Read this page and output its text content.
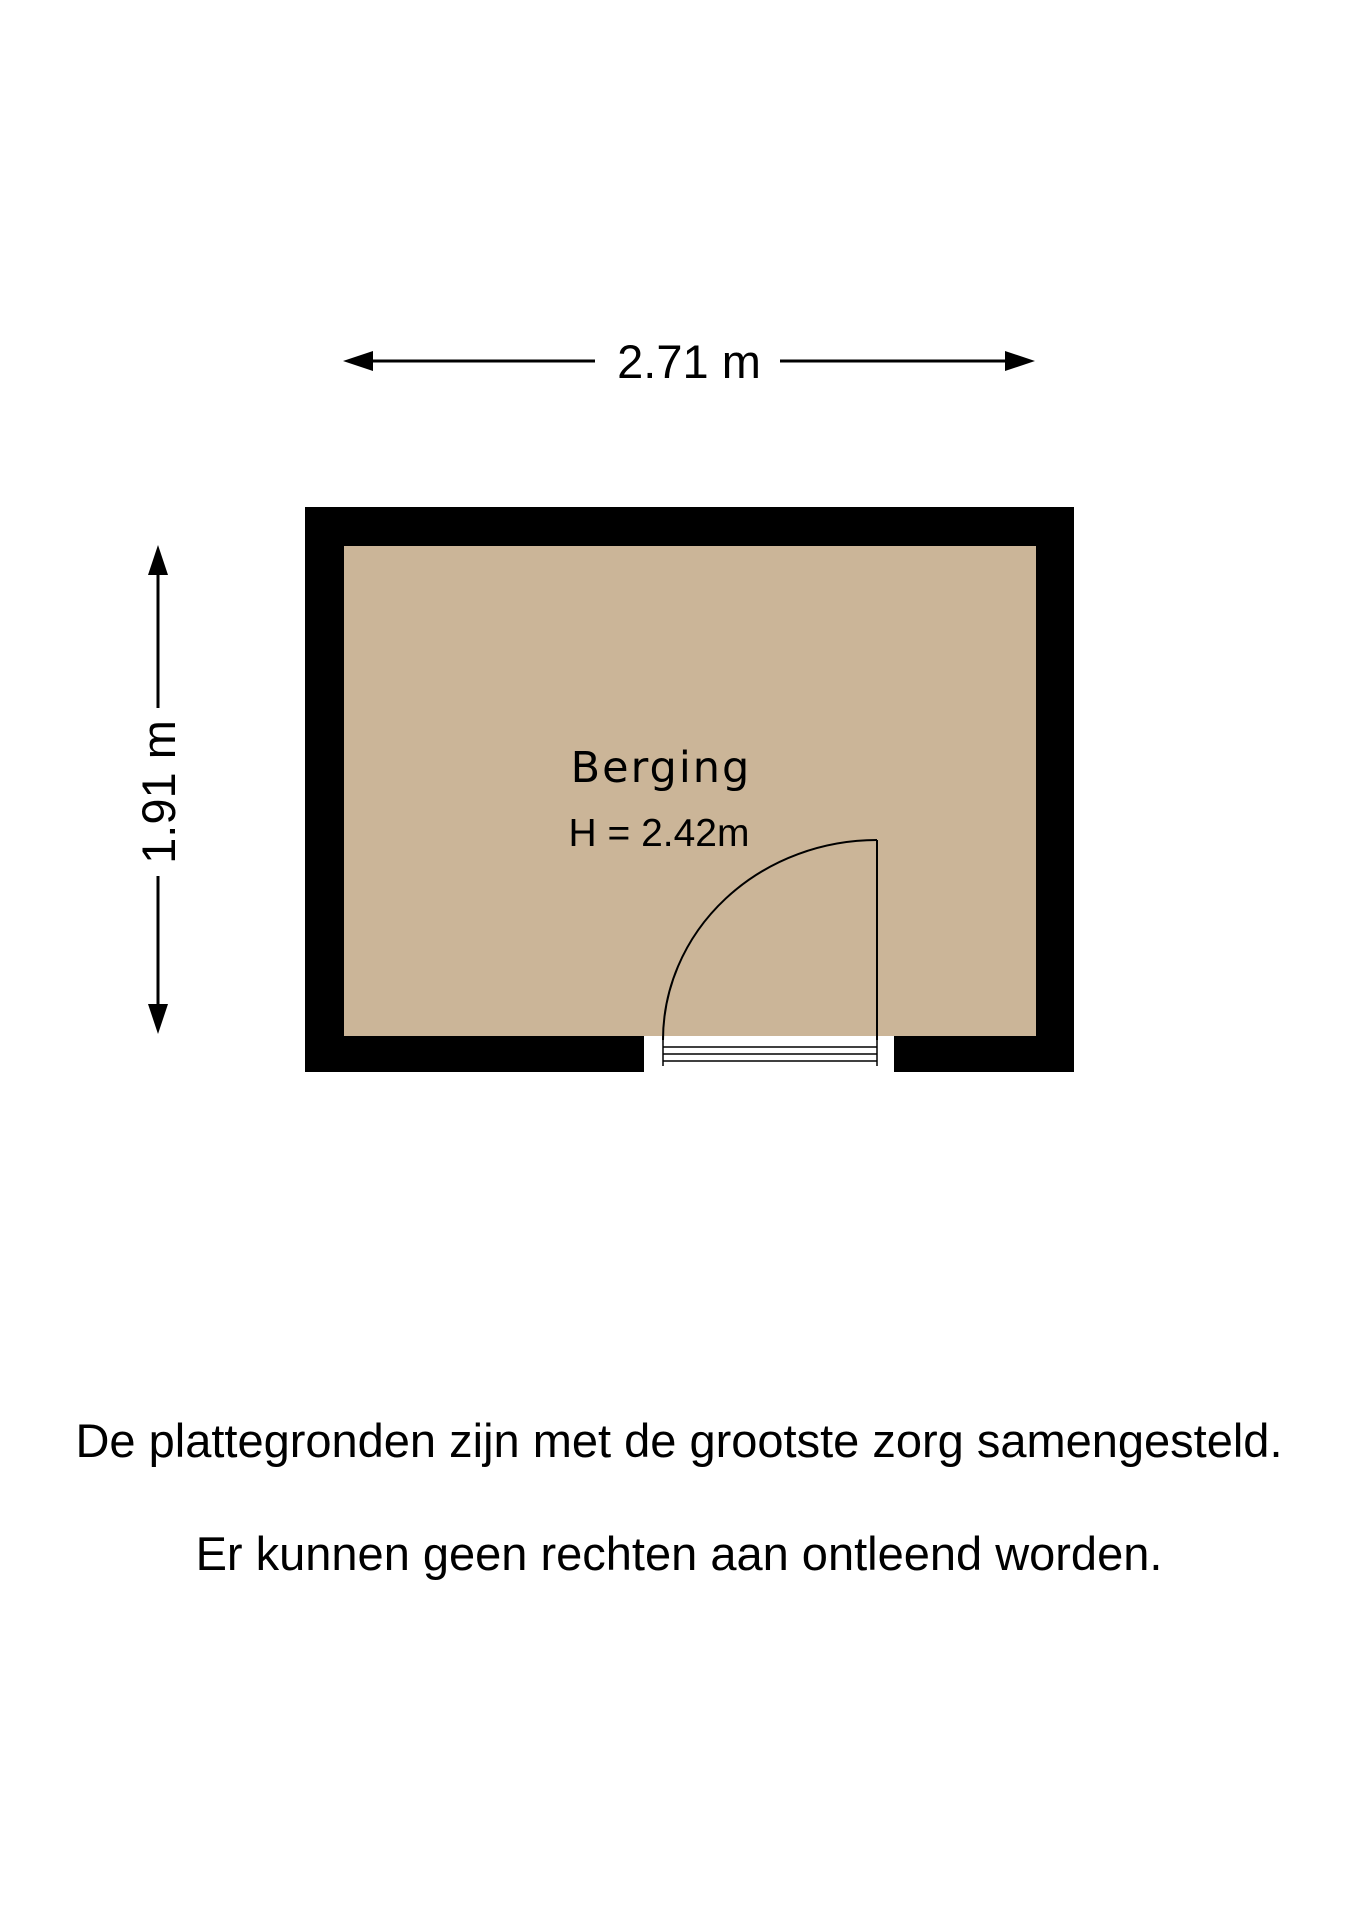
2.71 m
1.91 m	Berging
H = 2.42m
De plattegronden zijn met de grootste zorg samengesteld.
Er kunnen geen rechten aan ontleend worden.
